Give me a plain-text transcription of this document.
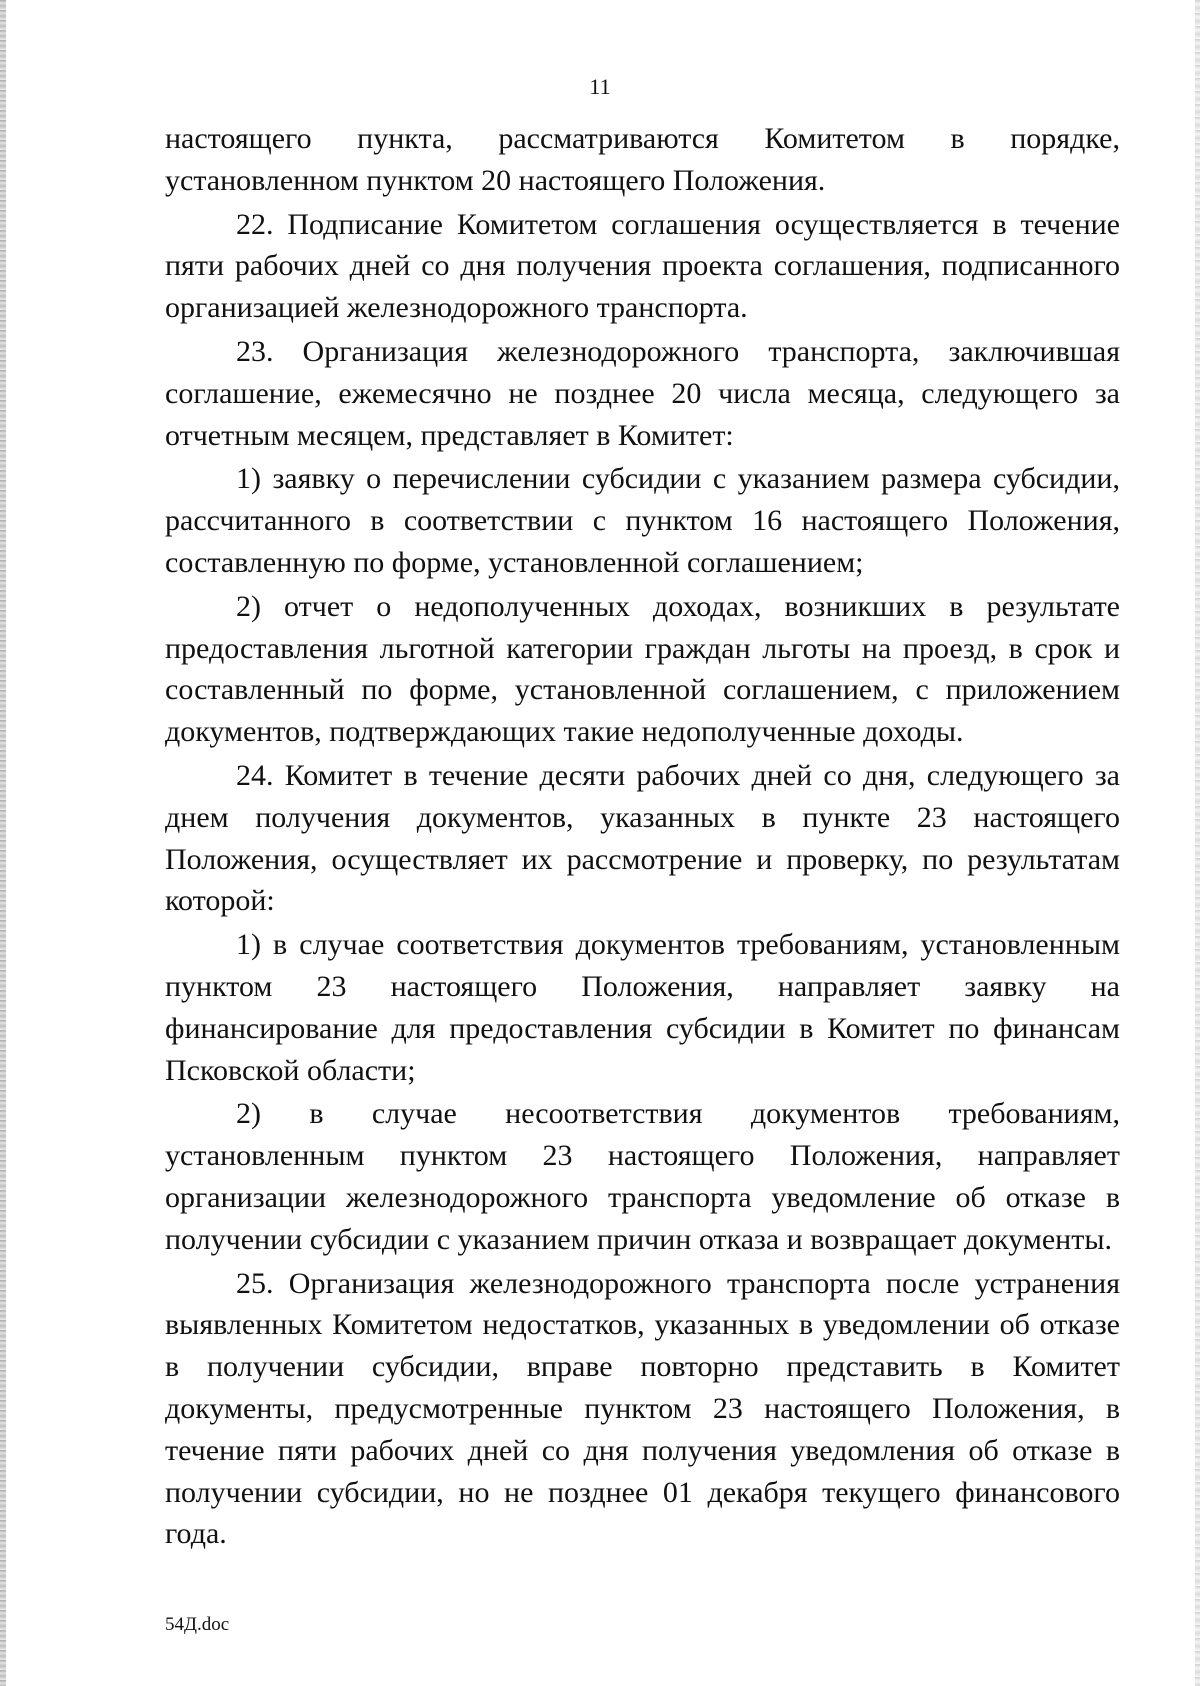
11

настоящего пункта, рассматриваются Комитетом в порядке, установленном пунктом 20 настоящего Положения.

22. Подписание Комитетом соглашения осуществляется в течение пяти рабочих дней со дня получения проекта соглашения, подписанного организацией железнодорожного транспорта.

23. Организация железнодорожного транспорта, заключившая соглашение, ежемесячно не позднее 20 числа месяца, следующего за отчетным месяцем, представляет в Комитет:

1) заявку о перечислении субсидии с указанием размера субсидии, рассчитанного в соответствии с пунктом 16 настоящего Положения, составленную по форме, установленной соглашением;

2) отчет о недополученных доходах, возникших в результате предоставления льготной категории граждан льготы на проезд, в срок и составленный по форме, установленной соглашением, с приложением документов, подтверждающих такие недополученные доходы.

24. Комитет в течение десяти рабочих дней со дня, следующего за днем получения документов, указанных в пункте 23 настоящего Положения, осуществляет их рассмотрение и проверку, по результатам которой:

1) в случае соответствия документов требованиям, установленным пунктом 23 настоящего Положения, направляет заявку на финансирование для предоставления субсидии в Комитет по финансам Псковской области;

2) в случае несоответствия документов требованиям, установленным пунктом 23 настоящего Положения, направляет организации железнодорожного транспорта уведомление об отказе в получении субсидии с указанием причин отказа и возвращает документы.

25. Организация железнодорожного транспорта после устранения выявленных Комитетом недостатков, указанных в уведомлении об отказе в получении субсидии, вправе повторно представить в Комитет документы, предусмотренные пунктом 23 настоящего Положения, в течение пяти рабочих дней со дня получения уведомления об отказе в получении субсидии, но не позднее 01 декабря текущего финансового года.

54Д.doc
